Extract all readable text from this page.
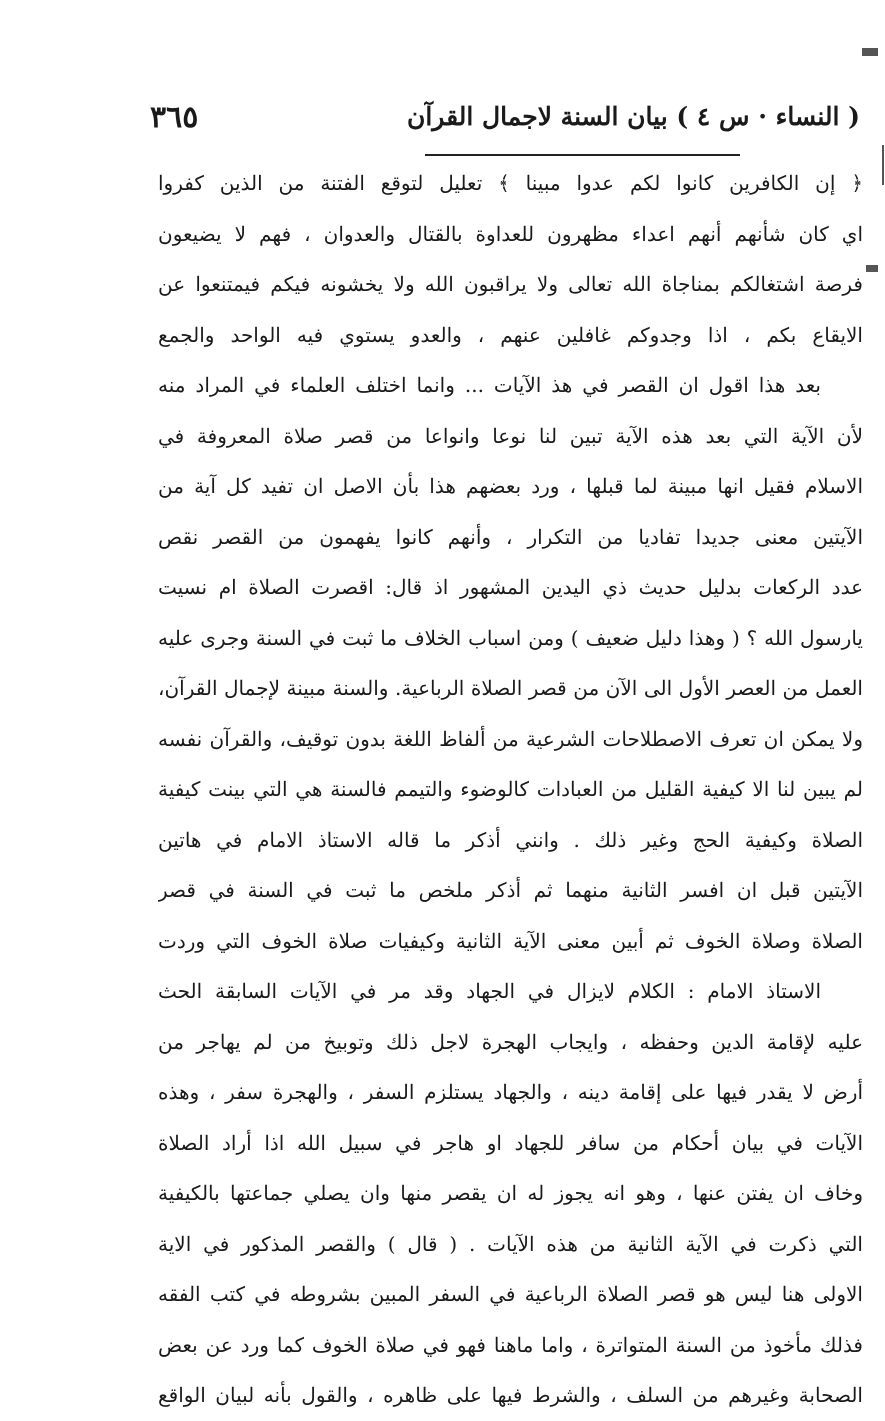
( النساء · س ٤ ) بيان السنة لاجمال القرآن
٣٦٥
﴿ إن الكافرين كانوا لكم عدوا مبينا ﴾ تعليل لتوقع الفتنة من الذين كفروا
اي كان شأنهم أنهم اعداء مظهرون للعداوة بالقتال والعدوان ، فهم لا يضيعون
فرصة اشتغالكم بمناجاة الله تعالى ولا يراقبون الله ولا يخشونه فيكم فيمتنعوا عن
الايقاع بكم ، اذا وجدوكم غافلين عنهم ، والعدو يستوي فيه الواحد والجمع
بعد هذا اقول ان القصر في هذ الآيات ... وانما اختلف العلماء في المراد منه
لأن الآية التي بعد هذه الآية تبين لنا نوعا وانواعا من قصر صلاة المعروفة في
الاسلام فقيل انها مبينة لما قبلها ، ورد بعضهم هذا بأن الاصل ان تفيد كل آية من
الآيتين معنى جديدا تفاديا من التكرار ، وأنهم كانوا يفهمون من القصر نقص
عدد الركعات بدليل حديث ذي اليدين المشهور اذ قال: اقصرت الصلاة ام نسيت
يارسول الله ؟ ( وهذا دليل ضعيف ) ومن اسباب الخلاف ما ثبت في السنة وجرى عليه
العمل من العصر الأول الى الآن من قصر الصلاة الرباعية. والسنة مبينة لإجمال القرآن،
ولا يمكن ان تعرف الاصطلاحات الشرعية من ألفاظ اللغة بدون توقيف، والقرآن نفسه
لم يبين لنا الا كيفية القليل من العبادات كالوضوء والتيمم فالسنة هي التي بينت كيفية
الصلاة وكيفية الحج وغير ذلك . وانني أذكر ما قاله الاستاذ الامام في هاتين
الآيتين قبل ان افسر الثانية منهما ثم أذكر ملخص ما ثبت في السنة في قصر
الصلاة وصلاة الخوف ثم أبين معنى الآية الثانية وكيفيات صلاة الخوف التي وردت
الاستاذ الامام : الكلام لايزال في الجهاد وقد مر في الآيات السابقة الحث
عليه لإقامة الدين وحفظه ، وايجاب الهجرة لاجل ذلك وتوبيخ من لم يهاجر من
أرض لا يقدر فيها على إقامة دينه ، والجهاد يستلزم السفر ، والهجرة سفر ، وهذه
الآيات في بيان أحكام من سافر للجهاد او هاجر في سبيل الله اذا أراد الصلاة
وخاف ان يفتن عنها ، وهو انه يجوز له ان يقصر منها وان يصلي جماعتها بالكيفية
التي ذكرت في الآية الثانية من هذه الآيات . ( قال ) والقصر المذكور في الاية
الاولى هنا ليس هو قصر الصلاة الرباعية في السفر المبين بشروطه في كتب الفقه
فذلك مأخوذ من السنة المتواترة ، واما ماهنا فهو في صلاة الخوف كما ورد عن بعض
الصحابة وغيرهم من السلف ، والشرط فيها على ظاهره ، والقول بأنه لبيان الواقع
